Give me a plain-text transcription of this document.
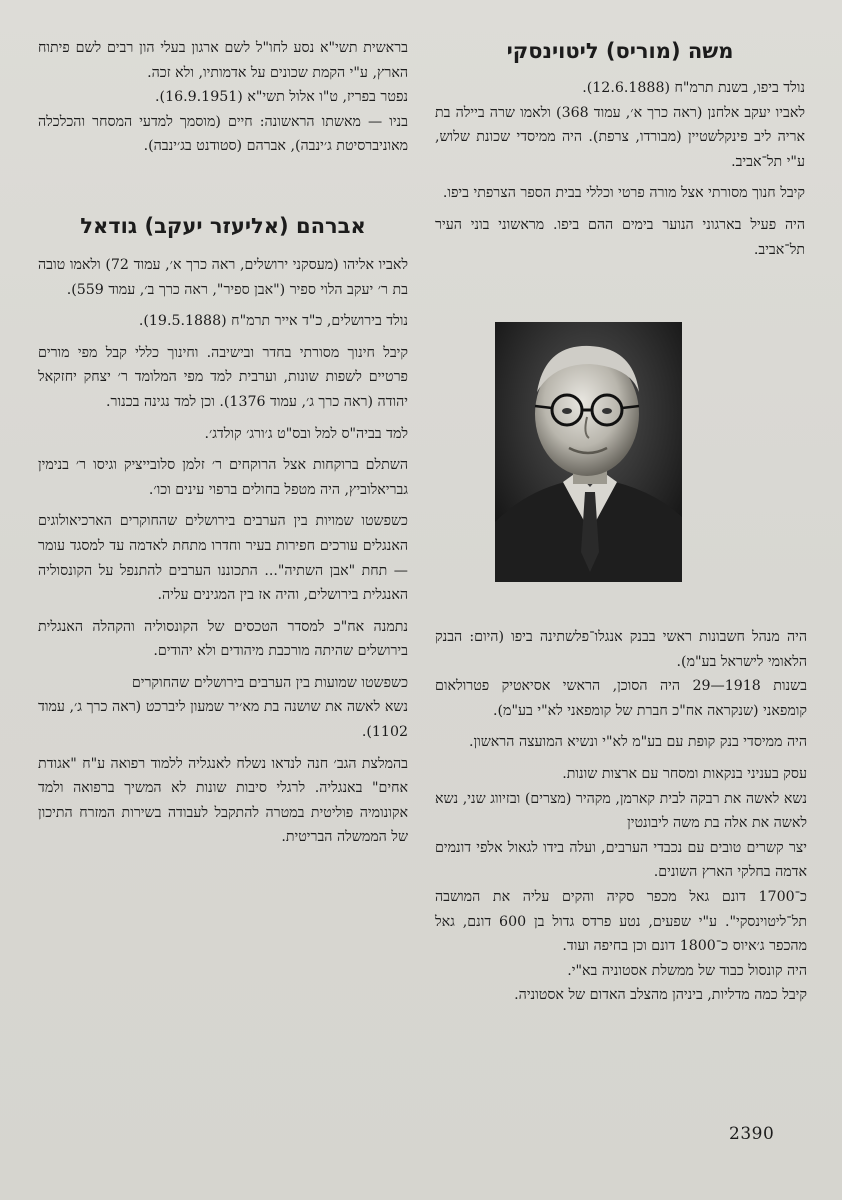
משה (מוריס) ליטוינסקי

נולד ביפו, בשנת תרמ"ח (12.6.1888).

לאביו יעקב אלחנן (ראה כרך א׳, עמוד 368) ולאמו שרה ביילה בת אריה ליב פינקלשטיין (מבורדו, צרפת). היה ממיסדי שכונת שלוש, ע"י תל־אביב.

קיבל חנוך מסורתי אצל מורה פרטי וכללי בבית הספר הצרפתי ביפו.

היה פעיל בארגוני הנוער בימים ההם ביפו. מראשוני בוני העיר תל־אביב.

היה מנהל חשבונות ראשי בבנק אנגלו־פלשתינה ביפו (היום: הבנק הלאומי לישראל בע"מ).

בשנות 1918—29 היה הסוכן, הראשי אסיאטיק פטרולאום קומפאני (שנקראה אח"כ חברת של קומפאני לא"י בע"מ).

היה ממיסדי בנק קופת עם בע"מ לא"י ונשיא המועצה הראשון.

עסק בעניני בנקאות ומסחר עם ארצות שונות.

נשא לאשה את רבקה לבית קארמן, מקהיר (מצרים) ובזיווג שני, נשא לאשה את אלה בת משה ליבונטין

יצר קשרים טובים עם נכבדי הערבים, ועלה בידו לגאול אלפי דונמים אדמה בחלקי הארץ השונים.

כ־1700 דונם גאל מכפר סקיה והקים עליה את המושבה תל־ליטוינסקי". ע"י שפעים, נטע פרדס גדול בן 600 דונם, גאל מהכפר ג׳איוס כ־1800 דונם וכן בחיפה ועוד.

היה קונסול כבוד של ממשלת אסטוניה בא"י.

קיבל כמה מדליות, ביניהן מהצלב האדום של אסטוניה.

בראשית תשי"א נסע לחו"ל לשם ארגון בעלי הון רבים לשם פיתוח הארץ, ע"י הקמת שכונים על אדמותיו, ולא זכה.

נפטר בפריז, ט"ו אלול תשי"א (16.9.1951).

בניו — מאשתו הראשונה: חיים (מוסמך למדעי המסחר והכלכלה מאוניברסיטת ג׳ינבה), אברהם (סטודנט בג׳ינבה).

אברהם (אליעזר יעקב) גודאל

לאביו אליהו (מעסקני ירושלים, ראה כרך א׳, עמוד 72) ולאמו טובה בת ר׳ יעקב הלוי ספיר ("אבן ספיר", ראה כרך ב׳, עמוד 559).

נולד בירושלים, כ"ד אייר תרמ"ח (19.5.1888).

קיבל חינוך מסורתי בחדר ובישיבה. וחינוך כללי קבל מפי מורים פרטיים לשפות שונות, וערבית למד מפי המלומד ר׳ יצחק יחזקאל יהודה (ראה כרך ג׳, עמוד 1376). וכן למד נגינה בכנור.

למד בביה"ס למל ובס"ט ג׳ורג׳ קולדג׳.

השתלם ברוקחות אצל הרוקחים ר׳ זלמן סלובייציק וגיסו ר׳ בנימין גבריאלוביץ, היה מטפל בחולים ברפוי עינים וכו׳.

כשפשטו שמויות בין הערבים בירושלים שהחוקרים הארכיאולוגים האנגלים עורכים חפירות בעיר וחדרו מתחת לאדמה עד למסגד עומר — תחת "אבן השתיה"... התכוננו הערבים להתנפל על הקונסוליה האנגלית בירושלים, והיה אז בין המגינים עליה.

נתמנה אח"כ למסדר הטכסים של הקונסוליה והקהלה האנגלית בירושלים שהיתה מורכבת מיהודים ולא יהודים.

כשפשטו שמועות בין הערבים בירושלים שהחוקרים

נשא לאשה את שושנה בת מא׳יר שמעון ליברכט (ראה כרך ג׳, עמוד 1102).

בהמלצת הגב׳ חנה לנדאו נשלח לאנגליה ללמוד רפואה ע"ח "אגודת אחים" באנגליה. לרגלי סיבות שונות לא המשיך ברפואה ולמד אקונומיה פוליטית במטרה להתקבל לעבודה בשירות המזרח התיכון של הממשלה הבריטית.

2390
